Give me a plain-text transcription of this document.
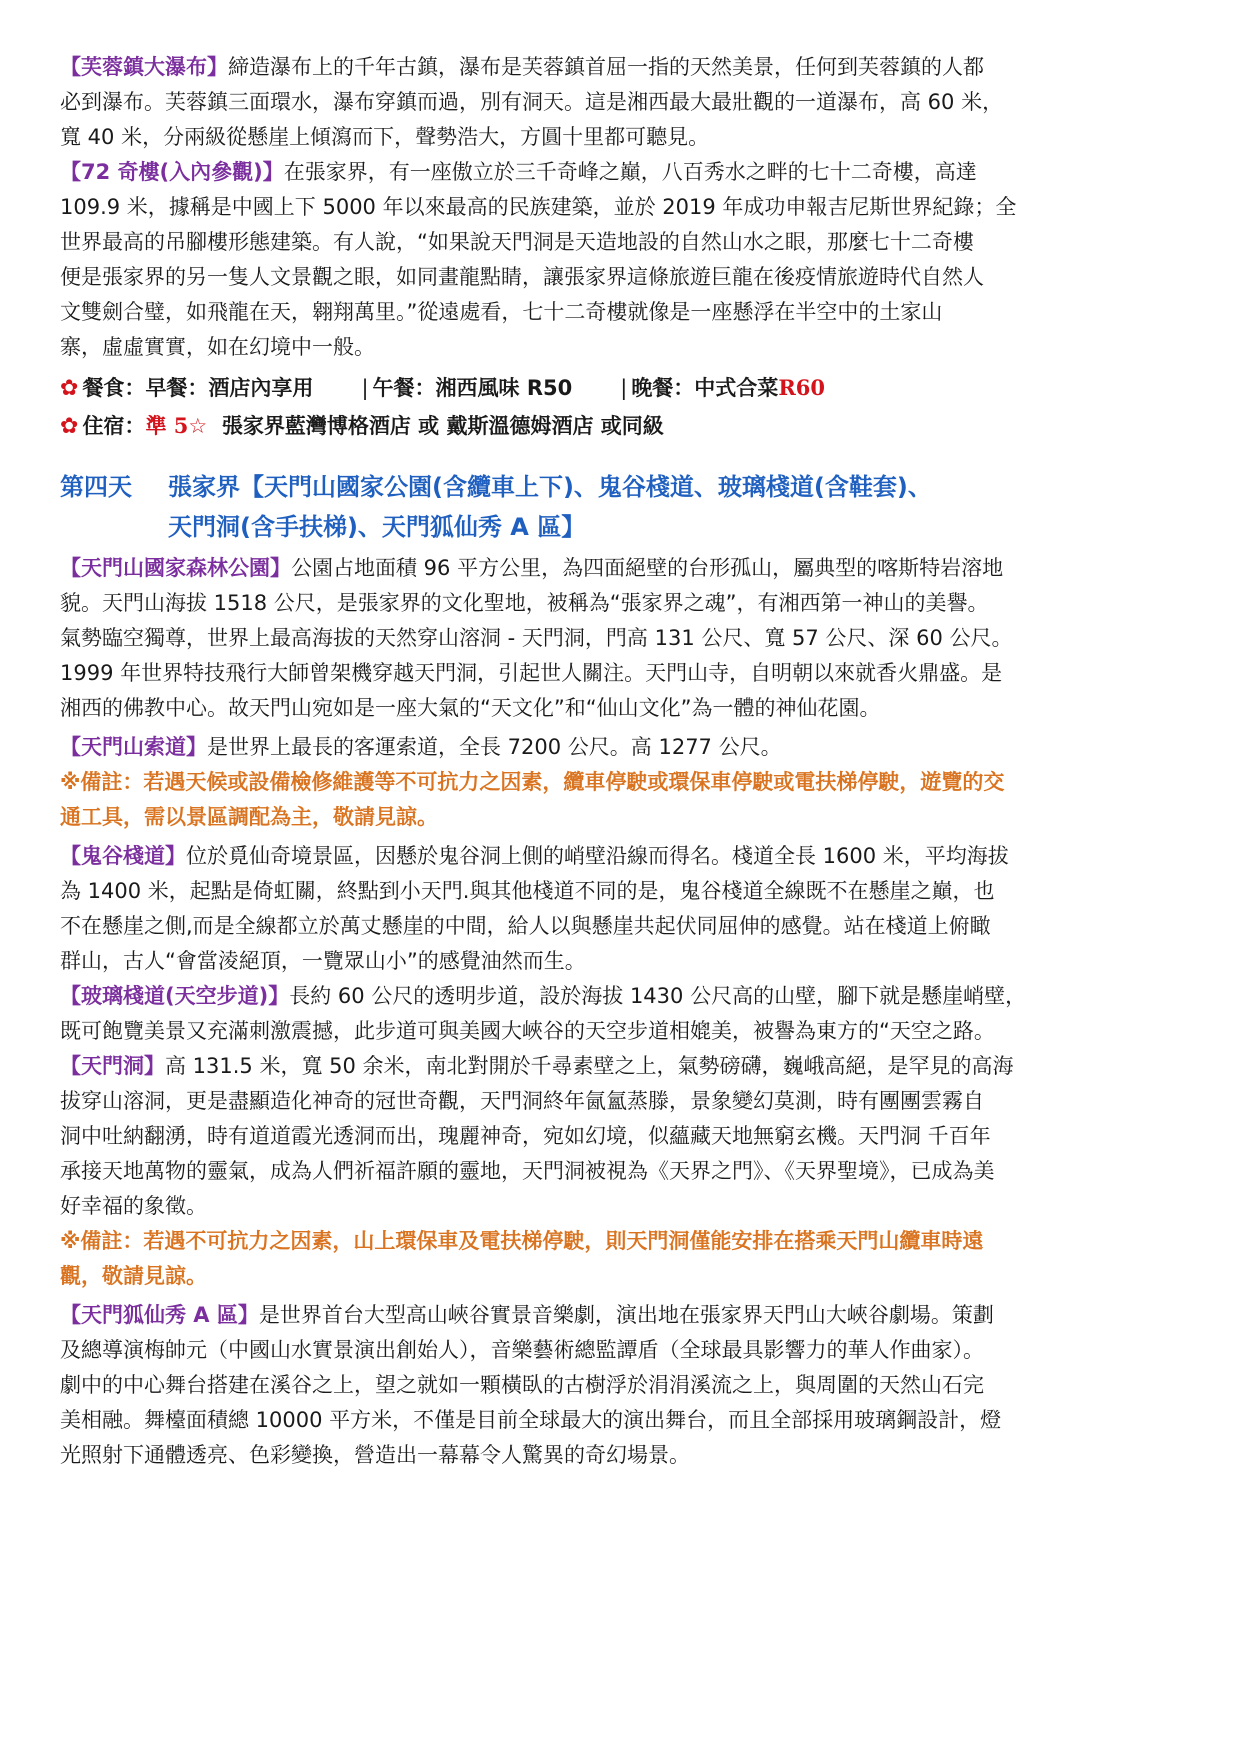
【芙蓉鎮大瀑布】締造瀑布上的千年古鎮，瀑布是芙蓉鎮首屈一指的天然美景，任何到芙蓉鎮的人都

必到瀑布。芙蓉鎮三面環水，瀑布穿鎮而過，別有洞天。這是湘西最大最壯觀的一道瀑布，高 60 米，

寬 40 米，分兩級從懸崖上傾瀉而下，聲勢浩大，方圓十里都可聽見。

【72 奇樓(入內參觀)】在張家界，有一座傲立於三千奇峰之巔，八百秀水之畔的七十二奇樓，高達

109.9 米，據稱是中國上下 5000 年以來最高的民族建築，並於 2019 年成功申報吉尼斯世界紀錄；全

世界最高的吊腳樓形態建築。有人說，“如果說天門洞是天造地設的自然山水之眼，那麼七十二奇樓

便是張家界的另一隻人文景觀之眼，如同畫龍點睛，讓張家界這條旅遊巨龍在後疫情旅遊時代自然人

文雙劍合璧，如飛龍在天，翱翔萬里。”從遠處看，七十二奇樓就像是一座懸浮在半空中的土家山

寨，虛虛實實，如在幻境中一般。

✿ 餐食：早餐：酒店內享用 | 午餐：湘西風味 R50 | 晚餐：中式合菜R60

✿ 住宿：準 5☆ 張家界藍灣博格酒店 或 戴斯溫德姆酒店 或同級

第四天 張家界【天門山國家公園(含纜車上下)、鬼谷棧道、玻璃棧道(含鞋套)、
天門洞(含手扶梯)、天門狐仙秀 A 區】

【天門山國家森林公園】公園占地面積 96 平方公里，為四面絕壁的台形孤山，屬典型的喀斯特岩溶地

貌。天門山海拔 1518 公尺，是張家界的文化聖地，被稱為“張家界之魂”，有湘西第一神山的美譽。

氣勢臨空獨尊，世界上最高海拔的天然穿山溶洞 - 天門洞，門高 131 公尺、寬 57 公尺、深 60 公尺。

1999 年世界特技飛行大師曾架機穿越天門洞，引起世人關注。天門山寺，自明朝以來就香火鼎盛。是

湘西的佛教中心。故天門山宛如是一座大氣的“天文化”和“仙山文化”為一體的神仙花園。

【天門山索道】是世界上最長的客運索道，全長 7200 公尺。高 1277 公尺。

※備註：若遇天候或設備檢修維護等不可抗力之因素，纜車停駛或環保車停駛或電扶梯停駛，遊覽的交

通工具，需以景區調配為主，敬請見諒。

【鬼谷棧道】位於覓仙奇境景區，因懸於鬼谷洞上側的峭壁沿線而得名。棧道全長 1600 米，平均海拔

為 1400 米，起點是倚虹關，終點到小天門.與其他棧道不同的是，鬼谷棧道全線既不在懸崖之巔，也

不在懸崖之側,而是全線都立於萬丈懸崖的中間，給人以與懸崖共起伏同屈伸的感覺。站在棧道上俯瞰

群山，古人“會當淩絕頂，一覽眾山小”的感覺油然而生。

【玻璃棧道(天空步道)】長約 60 公尺的透明步道，設於海拔 1430 公尺高的山壁，腳下就是懸崖峭壁，

既可飽覽美景又充滿刺激震撼，此步道可與美國大峽谷的天空步道相媲美，被譽為東方的“天空之路。

【天門洞】高 131.5 米，寬 50 余米，南北對開於千尋素壁之上，氣勢磅礴，巍峨高絕，是罕見的高海

拔穿山溶洞，更是盡顯造化神奇的冠世奇觀，天門洞終年氤氳蒸滕，景象變幻莫測，時有團團雲霧自

洞中吐納翻湧，時有道道霞光透洞而出，瑰麗神奇，宛如幻境，似蘊藏天地無窮玄機。天門洞 千百年

承接天地萬物的靈氣，成為人們祈福許願的靈地，天門洞被視為《天界之門》、《天界聖境》，已成為美

好幸福的象徵。

※備註：若遇不可抗力之因素，山上環保車及電扶梯停駛，則天門洞僅能安排在搭乘天門山纜車時遠

觀，敬請見諒。

【天門狐仙秀 A 區】是世界首台大型高山峽谷實景音樂劇，演出地在張家界天門山大峽谷劇場。策劃

及總導演梅帥元（中國山水實景演出創始人），音樂藝術總監譚盾（全球最具影響力的華人作曲家）。

劇中的中心舞台搭建在溪谷之上，望之就如一顆橫臥的古樹浮於涓涓溪流之上，與周圍的天然山石完

美相融。舞檯面積總 10000 平方米，不僅是目前全球最大的演出舞台，而且全部採用玻璃鋼設計，燈

光照射下通體透亮、色彩變換，營造出一幕幕令人驚異的奇幻場景。
